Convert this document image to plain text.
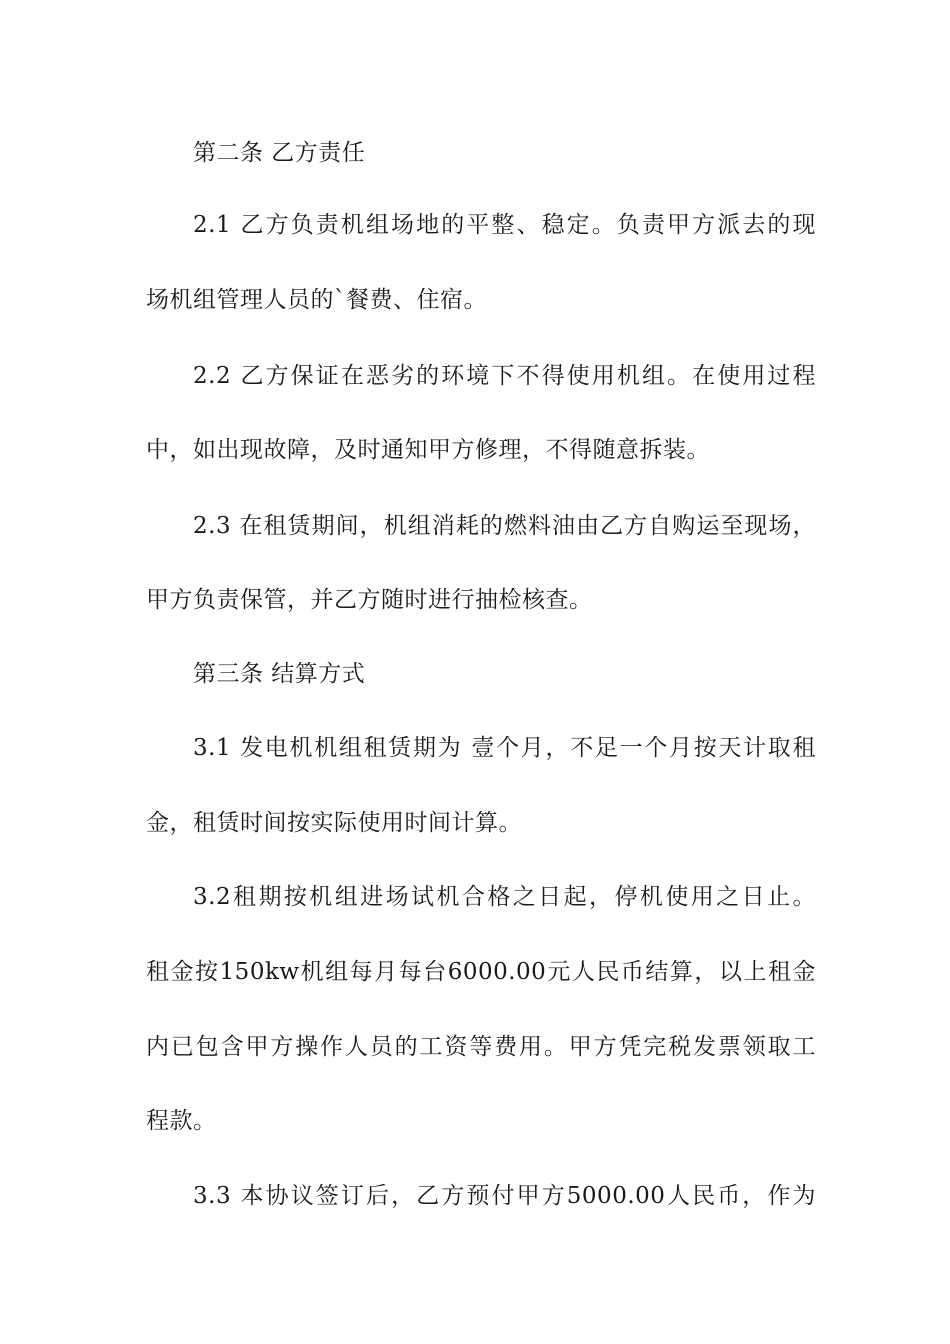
第二条 乙方责任
2.1 乙方负责机组场地的平整、稳定。负责甲方派去的现
场机组管理人员的`餐费、住宿。
2.2 乙方保证在恶劣的环境下不得使用机组。在使用过程
中，如出现故障，及时通知甲方修理，不得随意拆装。
2.3 在租赁期间，机组消耗的燃料油由乙方自购运至现场，
甲方负责保管，并乙方随时进行抽检核查。
第三条 结算方式
3.1 发电机机组租赁期为 壹个月，不足一个月按天计取租
金，租赁时间按实际使用时间计算。
3.2租期按机组进场试机合格之日起，停机使用之日止。
租金按150kw机组每月每台6000.00元人民币结算，以上租金
内已包含甲方操作人员的工资等费用。甲方凭完税发票领取工
程款。
3.3 本协议签订后，乙方预付甲方5000.00人民币，作为
